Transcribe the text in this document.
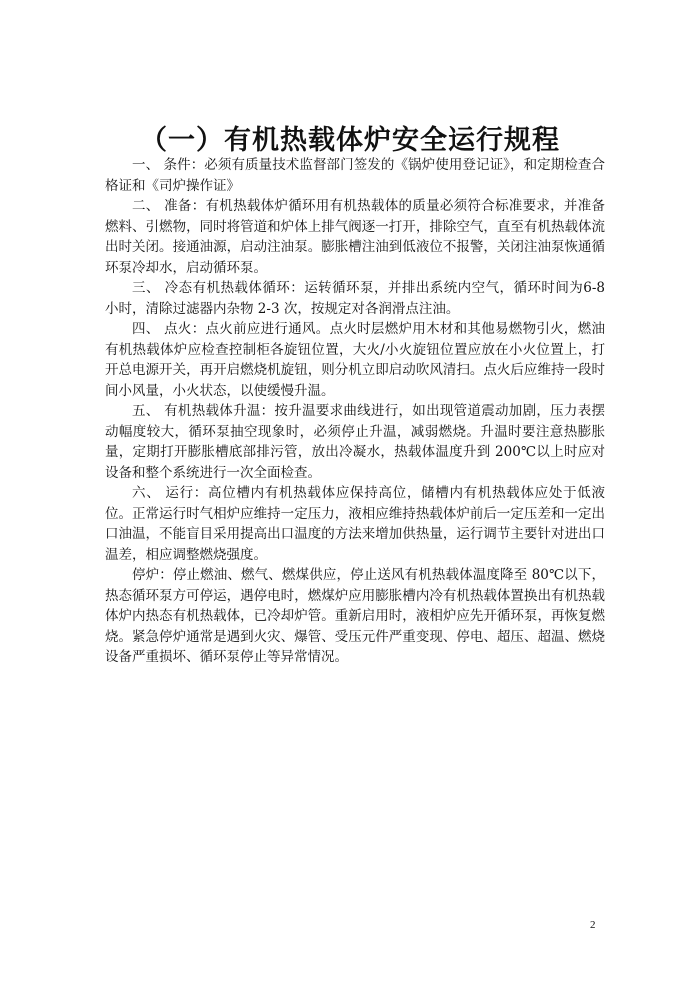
（一）有机热载体炉安全运行规程

一、 条件：必须有质量技术监督部门签发的《锅炉使用登记证》，和定期检查合格证和《司炉操作证》

二、 准备：有机热载体炉循环用有机热载体的质量必须符合标准要求，并准备燃料、引燃物，同时将管道和炉体上排气阀逐一打开，排除空气，直至有机热载体流出时关闭。接通油源，启动注油泵。膨胀槽注油到低液位不报警，关闭注油泵恢通循环泵冷却水，启动循环泵。

三、 冷态有机热载体循环：运转循环泵，并排出系统内空气，循环时间为6-8 小时，清除过滤器内杂物 2-3 次，按规定对各润滑点注油。

四、 点火：点火前应进行通风。点火时层燃炉用木材和其他易燃物引火，燃油有机热载体炉应检查控制柜各旋钮位置，大火/小火旋钮位置应放在小火位置上，打开总电源开关，再开启燃烧机旋钮，则分机立即启动吹风清扫。点火后应维持一段时间小风量，小火状态，以使缓慢升温。

五、 有机热载体升温：按升温要求曲线进行，如出现管道震动加剧，压力表摆动幅度较大，循环泵抽空现象时，必须停止升温，减弱燃烧。升温时要注意热膨胀量，定期打开膨胀槽底部排污管，放出冷凝水，热载体温度升到 200℃以上时应对设备和整个系统进行一次全面检查。

六、 运行：高位槽内有机热载体应保持高位，储槽内有机热载体应处于低液位。正常运行时气相炉应维持一定压力，液相应维持热载体炉前后一定压差和一定出口油温，不能盲目采用提高出口温度的方法来增加供热量，运行调节主要针对进出口温差，相应调整燃烧强度。

停炉：停止燃油、燃气、燃煤供应，停止送风有机热载体温度降至 80℃以下，热态循环泵方可停运，遇停电时，燃煤炉应用膨胀槽内冷有机热载体置换出有机热载体炉内热态有机热载体，已冷却炉管。重新启用时，液相炉应先开循环泵，再恢复燃烧。紧急停炉通常是遇到火灾、爆管、受压元件严重变现、停电、超压、超温、燃烧设备严重损坏、循环泵停止等异常情况。

2
